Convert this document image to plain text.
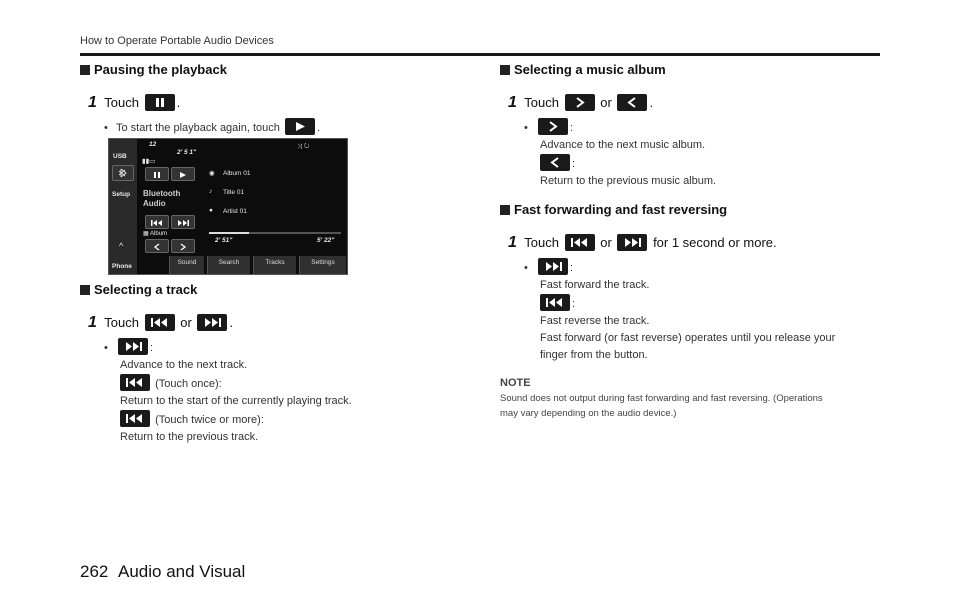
How to Operate Portable Audio Devices
Pausing the playback
1 Touch	.
• To start the playback again, touch	.
USB
Setup
^
Phone
12
2' 5 1"
⤨ ↻
▮▮▭
Bluetooth Audio
▦ Album
◉ Album 01
♪ Title 01
● Artist 01
2' 51"	5' 22"
Sound	Search	Tracks	Settings
Selecting a track
1 Touch	or	.
•	:
Advance to the next track.
(Touch once):
Return to the start of the currently playing track.
(Touch twice or more):
Return to the previous track.
Selecting a music album
1 Touch	or	.
•	:
Advance to the next music album.
:
Return to the previous music album.
Fast forwarding and fast reversing
1 Touch	or	for 1 second or more.
•	:
Fast forward the track.
:
Fast reverse the track.
Fast forward (or fast reverse) operates until you release your
finger from the button.
NOTE
Sound does not output during fast forwarding and fast reversing. (Operations
may vary depending on the audio device.)
262 Audio and Visual
